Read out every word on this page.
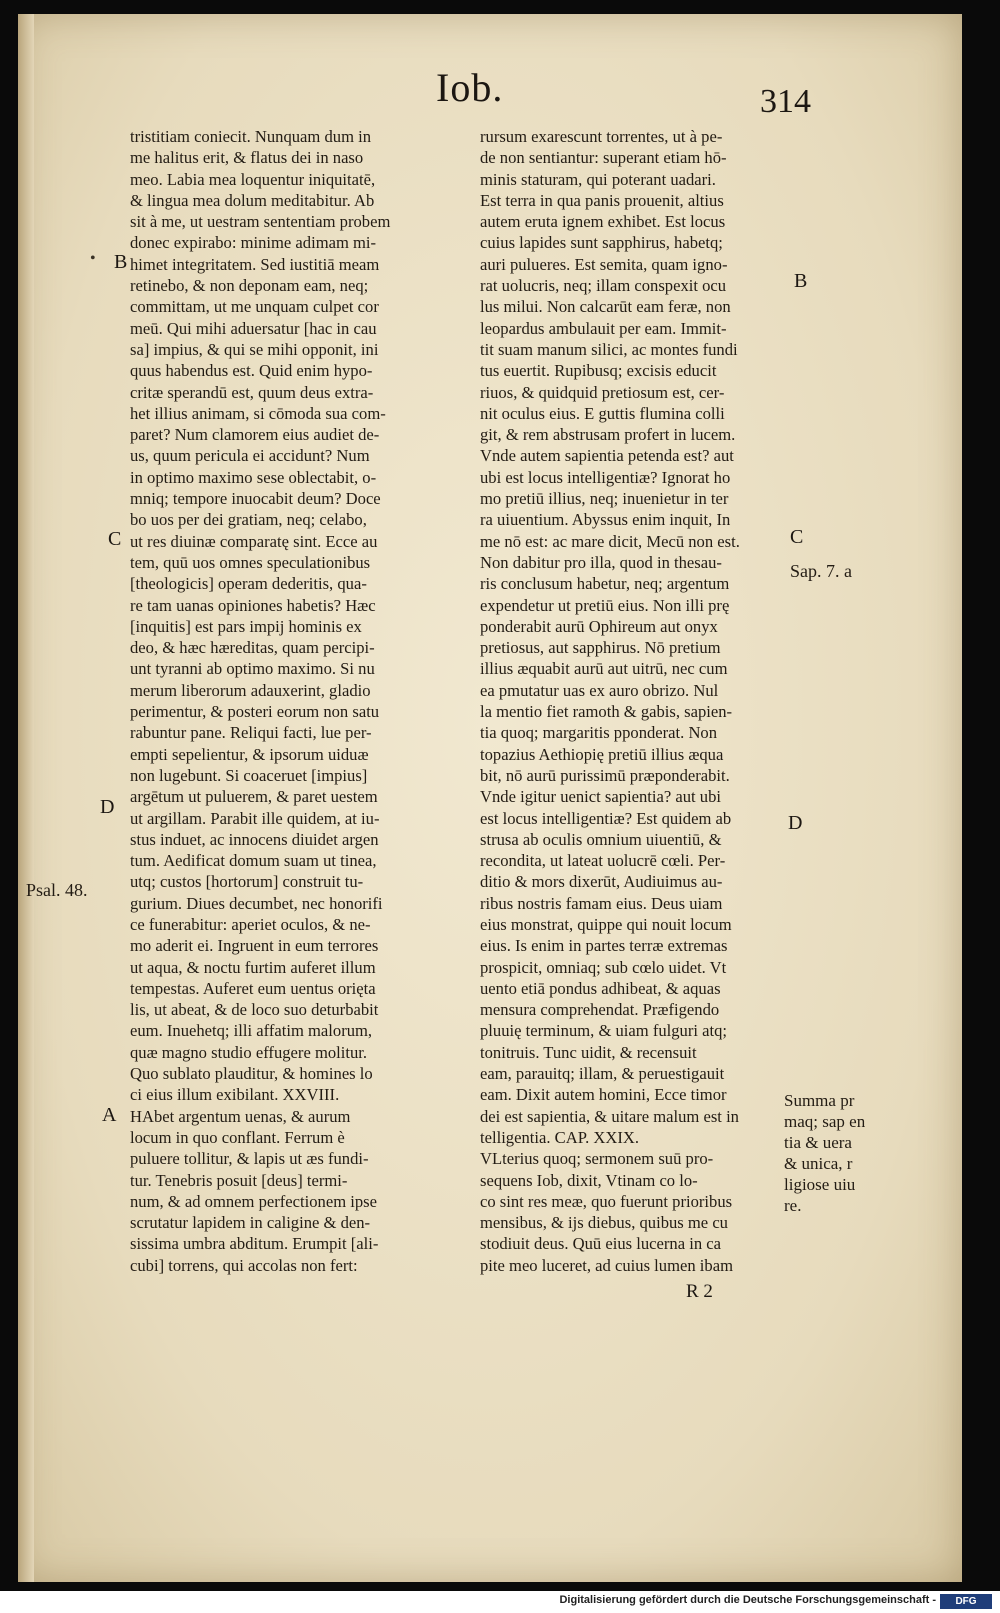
Iob.	314
tristitiam coniecit. Nunquam dum in
me halitus erit, & flatus dei in naso
meo. Labia mea loquentur iniquitatē,
& lingua mea dolum meditabitur. Ab
sit à me, ut uestram sententiam probem
donec expirabo: minime adimam mi-
himet integritatem. Sed iustitiā meam
retinebo, & non deponam eam, neq;
committam, ut me unquam culpet cor
meū. Qui mihi aduersatur [hac in cau
sa] impius, & qui se mihi opponit, ini
quus habendus est. Quid enim hypo-
critæ sperandū est, quum deus extra-
het illius animam, si cōmoda sua com-
paret? Num clamorem eius audiet de-
us, quum pericula ei accidunt? Num
in optimo maximo sese oblectabit, o-
mniq; tempore inuocabit deum? Doce
bo uos per dei gratiam, neq; celabo,
ut res diuinæ comparatę sint. Ecce au
tem, quū uos omnes speculationibus
[theologicis] operam dederitis, qua-
re tam uanas opiniones habetis? Hæc
[inquitis] est pars impij hominis ex
deo, & hæc hæreditas, quam percipi-
unt tyranni ab optimo maximo. Si nu
merum liberorum adauxerint, gladio
perimentur, & posteri eorum non satu
rabuntur pane. Reliqui facti, lue per-
empti sepelientur, & ipsorum uiduæ
non lugebunt. Si coaceruet [impius]
argētum ut puluerem, & paret uestem
ut argillam. Parabit ille quidem, at iu-
stus induet, ac innocens diuidet argen
tum. Aedificat domum suam ut tinea,
utq; custos [hortorum] construit tu-
gurium. Diues decumbet, nec honorifi
ce funerabitur: aperiet oculos, & ne-
mo aderit ei. Ingruent in eum terrores
ut aqua, & noctu furtim auferet illum
tempestas. Auferet eum uentus orięta
lis, ut abeat, & de loco suo deturbabit
eum. Inuehetq; illi affatim malorum,
quæ magno studio effugere molitur.
Quo sublato plauditur, & homines lo
ci eius illum exibilant. XXVIII.
HAbet argentum uenas, & aurum
locum in quo conflant. Ferrum è
puluere tollitur, & lapis ut æs fundi-
tur. Tenebris posuit [deus] termi-
num, & ad omnem perfectionem ipse
scrutatur lapidem in caligine & den-
sissima umbra abditum. Erumpit [ali-
cubi] torrens, qui accolas non fert:
rursum exarescunt torrentes, ut à pe-
de non sentiantur: superant etiam hō-
minis staturam, qui poterant uadari.
Est terra in qua panis prouenit, altius
autem eruta ignem exhibet. Est locus
cuius lapides sunt sapphirus, habetq;
auri pulueres. Est semita, quam igno-
rat uolucris, neq; illam conspexit ocu
lus milui. Non calcarūt eam feræ, non
leopardus ambulauit per eam. Immit-
tit suam manum silici, ac montes fundi
tus euertit. Rupibusq; excisis educit
riuos, & quidquid pretiosum est, cer-
nit oculus eius. E guttis flumina colli
git, & rem abstrusam profert in lucem.
Vnde autem sapientia petenda est? aut
ubi est locus intelligentiæ? Ignorat ho
mo pretiū illius, neq; inuenietur in ter
ra uiuentium. Abyssus enim inquit, In
me nō est: ac mare dicit, Mecū non est.
Non dabitur pro illa, quod in thesau-
ris conclusum habetur, neq; argentum
expendetur ut pretiū eius. Non illi prę
ponderabit aurū Ophireum aut onyx
pretiosus, aut sapphirus. Nō pretium
illius æquabit aurū aut uitrū, nec cum
ea pmutatur uas ex auro obrizo. Nul
la mentio fiet ramoth & gabis, sapien-
tia quoq; margaritis pponderat. Non
topazius Aethiopię pretiū illius æqua
bit, nō aurū purissimū præponderabit.
Vnde igitur uenict sapientia? aut ubi
est locus intelligentiæ? Est quidem ab
strusa ab oculis omnium uiuentiū, &
recondita, ut lateat uolucrē cœli. Per-
ditio & mors dixerūt, Audiuimus au-
ribus nostris famam eius. Deus uiam
eius monstrat, quippe qui nouit locum
eius. Is enim in partes terræ extremas
prospicit, omniaq; sub cœlo uidet. Vt
uento etiā pondus adhibeat, & aquas
mensura comprehendat. Præfigendo
pluuię terminum, & uiam fulguri atq;
tonitruis. Tunc uidit, & recensuit
eam, parauitq; illam, & peruestigauit
eam. Dixit autem homini, Ecce timor
dei est sapientia, & uitare malum est in
telligentia. CAP. XXIX.
VLterius quoq; sermonem suū pro-
sequens Iob, dixit, Vtinam co lo-
co sint res meæ, quo fuerunt prioribus
mensibus, & ijs diebus, quibus me cu
stodiuit deus. Quū eius lucerna in ca
pite meo luceret, ad cuius lumen ibam
B
C
D
A
B
C
D
Psal. 48.
Sap. 7. a
Summa pr
maq; sap en
tia & uera
& unica, r
ligiose uiu
re.
•
R 2
Digitalisierung gefördert durch die Deutsche Forschungsgemeinschaft -	DFG
